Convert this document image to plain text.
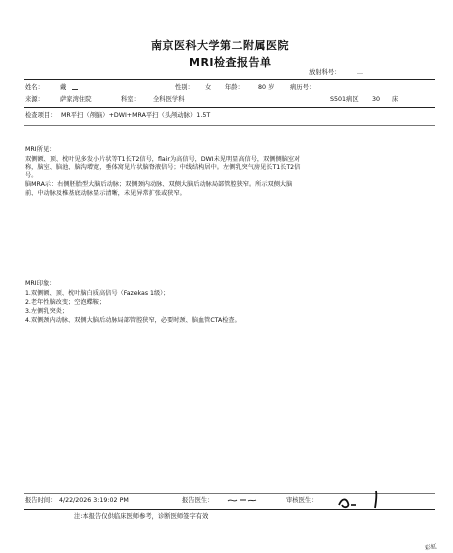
南京医科大学第二附属医院
MRI检查报告单
放射科号：	...
姓名：	戴	性别： 女 年龄： 80 岁 病历号：
来源：	萨家湾住院	科室： 全科医学科	S501病区 30 床
检查项目： MR平扫（颅脑）+DWI+MRA平扫（头颅动脉）1.5T
MRI所见：
双侧额、顶、枕叶见多发小片状等T1长T2信号，flair为高信号，DWI未见明显高信号，双侧侧脑室对
称，脑室、脑池、脑沟增宽，垂体窝见片状脑脊液信号；中线结构居中。左侧乳突气房见长T1长T2信
号。
脑MRA示：右侧胚胎型大脑后动脉；双侧颈内动脉、双侧大脑后动脉局部管腔狭窄。所示双侧大脑
前、中动脉及椎基底动脉显示清晰，未见异常扩张或狭窄。
MRI印象：
1.双侧额、顶、枕叶脑白质高信号（Fazekas 1级）；
2.老年性脑改变；空泡蝶鞍；
3.左侧乳突炎；
4.双侧颈内动脉、双侧大脑后动脉局部管腔狭窄，必要时颈、脑血管CTA检查。
报告时间： 4/22/2026 3:19:02 PM	报告医生：	审核医生：
注:本报告仅供临床医师参考，诊断医师签字有效
彩虹
